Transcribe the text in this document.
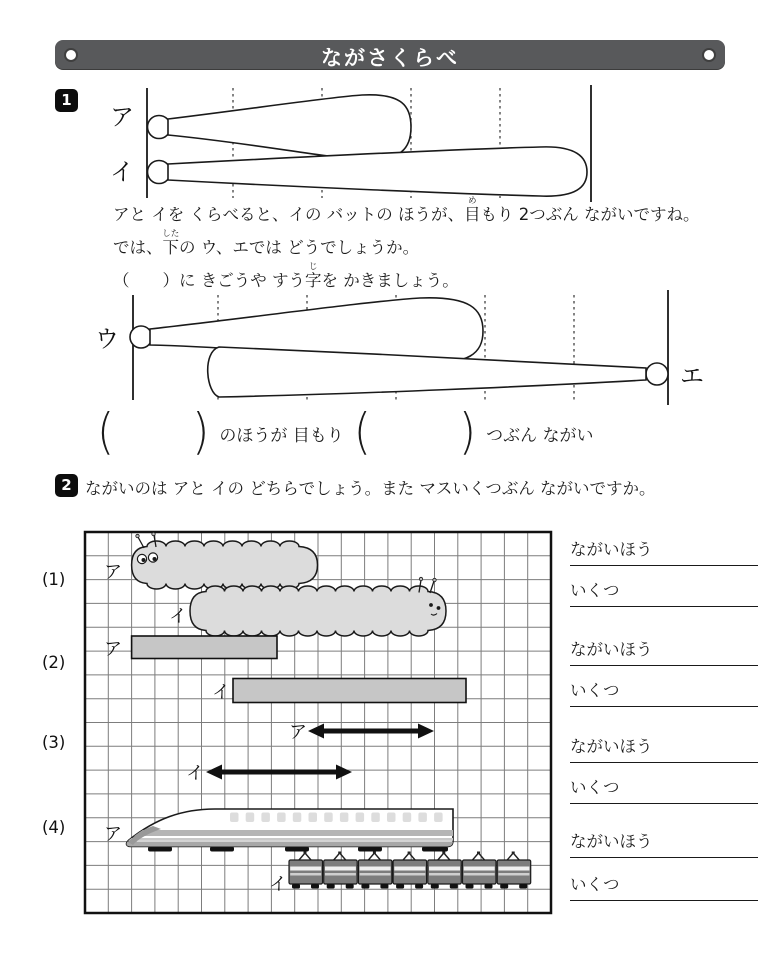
ながさくらべ
1
ア
イ
アと イを くらべると、イの バットの ほうが、目めもり 2つぶん ながいですね。
では、下したの ウ、エでは どうでしょうか。
（　　）に きごうや すう字じを かきましょう。
ウ
エ
( ) のほうが 目もり ( ) つぶん ながい
2 ながいのは アと イの どちらでしょう。また マスいくつぶん ながいですか。
(1) ア
イ
(2)
ア
イ
(3)	ア
イ
(4) ア
イ
ながいほう
いくつ
ながいほう
いくつ
ながいほう
いくつ
ながいほう
いくつ
